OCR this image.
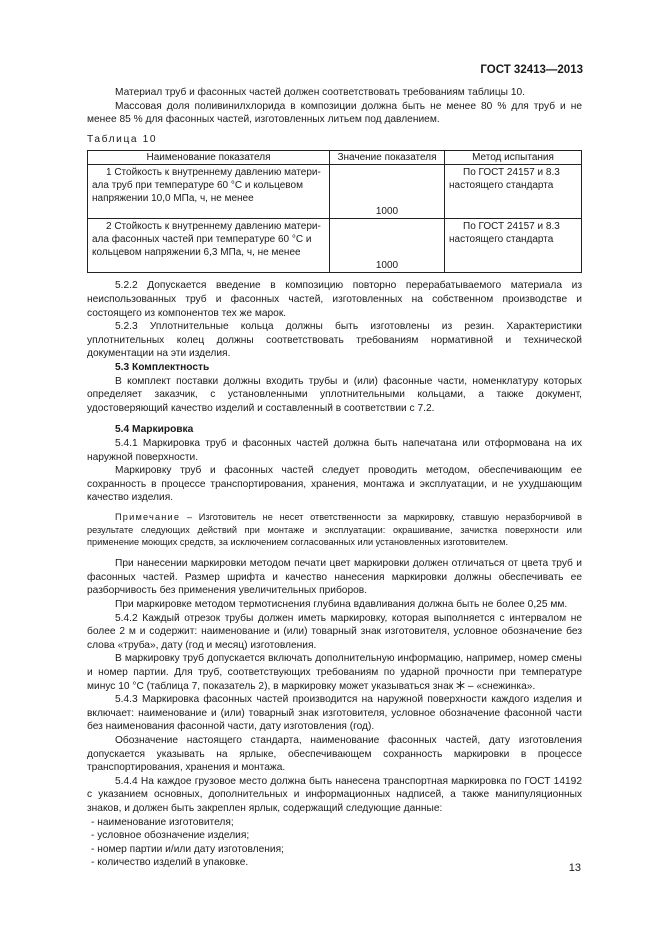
ГОСТ 32413—2013

Материал труб и фасонных частей должен соответствовать требованиям таблицы 10.

Массовая доля поливинилхлорида в композиции должна быть не менее 80 % для труб и не менее 85 % для фасонных частей, изготовленных литьем под давлением.

Таблица 10

Наименование показателя	Значение показателя	Метод испытания

1 Стойкость к внутреннему давлению матери-
ала труб при температуре 60 °С и кольцевом
напряжении 10,0 МПа, ч, не менее	1000	По ГОСТ 24157 и 8.3 настоящего стандарта

2 Стойкость к внутреннему давлению матери-
ала фасонных частей при температуре 60 °С и
кольцевом напряжении 6,3 МПа, ч, не менее	1000	По ГОСТ 24157 и 8.3 настоящего стандарта

5.2.2 Допускается введение в композицию повторно перерабатываемого материала из неиспользованных труб и фасонных частей, изготовленных на собственном производстве и состоящего из компонентов тех же марок.

5.2.3 Уплотнительные кольца должны быть изготовлены из резин. Характеристики уплотнительных колец должны соответствовать требованиям нормативной и технической документации на эти изделия.

5.3 Комплектность

В комплект поставки должны входить трубы и (или) фасонные части, номенклатуру которых определяет заказчик, с установленными уплотнительными кольцами, а также документ, удостоверяющий качество изделий и составленный в соответствии с 7.2.

5.4 Маркировка

5.4.1 Маркировка труб и фасонных частей должна быть напечатана или отформована на их наружной поверхности.

Маркировку труб и фасонных частей следует проводить методом, обеспечивающим ее сохранность в процессе транспортирования, хранения, монтажа и эксплуатации, и не ухудшающим качество изделия.

Примечание – Изготовитель не несет ответственности за маркировку, ставшую неразборчивой в результате следующих действий при монтаже и эксплуатации: окрашивание, зачистка поверхности или применение моющих средств, за исключением согласованных или установленных изготовителем.

При нанесении маркировки методом печати цвет маркировки должен отличаться от цвета труб и фасонных частей. Размер шрифта и качество нанесения маркировки должны обеспечивать ее разборчивость без применения увеличительных приборов.

При маркировке методом термотиснения глубина вдавливания должна быть не более 0,25 мм.

5.4.2 Каждый отрезок трубы должен иметь маркировку, которая выполняется с интервалом не более 2 м и содержит: наименование и (или) товарный знак изготовителя, условное обозначение без слова «труба», дату (год и месяц) изготовления.

В маркировку труб допускается включать дополнительную информацию, например, номер смены и номер партии. Для труб, соответствующих требованиям по ударной прочности при температуре минус 10 °С (таблица 7, показатель 2), в маркировку может указываться знак  – «снежинка».

5.4.3 Маркировка фасонных частей производится на наружной поверхности каждого изделия и включает: наименование и (или) товарный знак изготовителя, условное обозначение фасонной части без наименования фасонной части, дату изготовления (год).

Обозначение настоящего стандарта, наименование фасонных частей, дату изготовления допускается указывать на ярлыке, обеспечивающем сохранность маркировки в процессе транспортирования, хранения и монтажа.

5.4.4 На каждое грузовое место должна быть нанесена транспортная маркировка по ГОСТ 14192 с указанием основных, дополнительных и информационных надписей, а также манипуляционных знаков, и должен быть закреплен ярлык, содержащий следующие данные:

- наименование изготовителя;

- условное обозначение изделия;

- номер партии и/или дату изготовления;

- количество изделий в упаковке.	13
